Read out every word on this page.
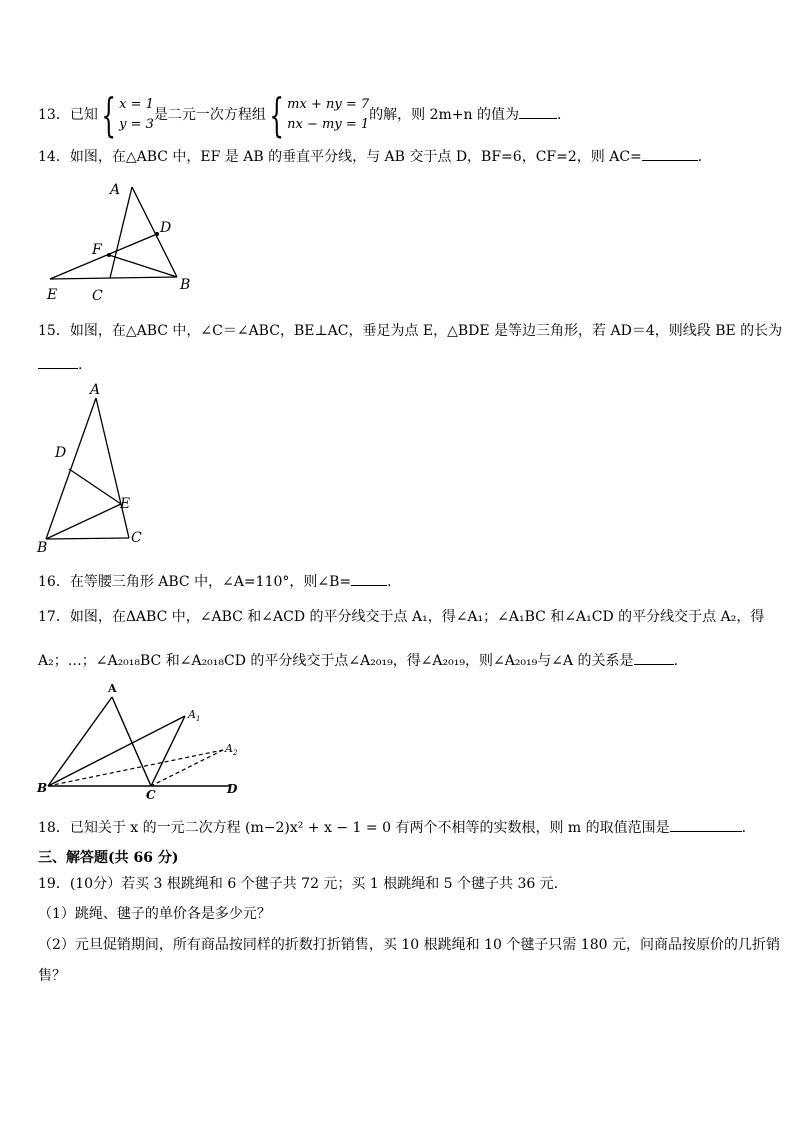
13．已知{ x = 1
y = 3是二元一次方程组{ mx + ny = 7
nx − my = 1的解，则 2m+n 的值为	.
14．如图，在△ABC 中，EF 是 AB 的垂直平分线，与 AB 交于点 D，BF=6，CF=2，则 AC=	．
A
D
F
E C
B
15．如图，在△ABC 中，∠C＝∠ABC，BE⊥AC，垂足为点 E，△BDE 是等边三角形，若 AD＝4，则线段 BE 的长为
.
A
D
E
B
C
16．在等腰三角形 ABC 中，∠A=110°，则∠B=	.
17．如图，在ΔABC 中，∠ABC 和∠ACD 的平分线交于点 A₁，得∠A₁；∠A₁BC 和∠A₁CD 的平分线交于点 A₂，得
A₂；…；∠A₂₀₁₈BC 和∠A₂₀₁₈CD 的平分线交于点∠A₂₀₁₉，得∠A₂₀₁₉，则∠A₂₀₁₉与∠A 的关系是	.
A
A 1
A 2
B	C	D
18．已知关于 x 的一元二次方程 (m−2)x² + x − 1 = 0 有两个不相等的实数根，则 m 的取值范围是	.
三、解答题(共 66 分)
19．(10分）若买 3 根跳绳和 6 个毽子共 72 元；买 1 根跳绳和 5 个毽子共 36 元．
（1）跳绳、毽子的单价各是多少元？
（2）元旦促销期间，所有商品按同样的折数打折销售，买 10 根跳绳和 10 个毽子只需 180 元，问商品按原价的几折销
售？
